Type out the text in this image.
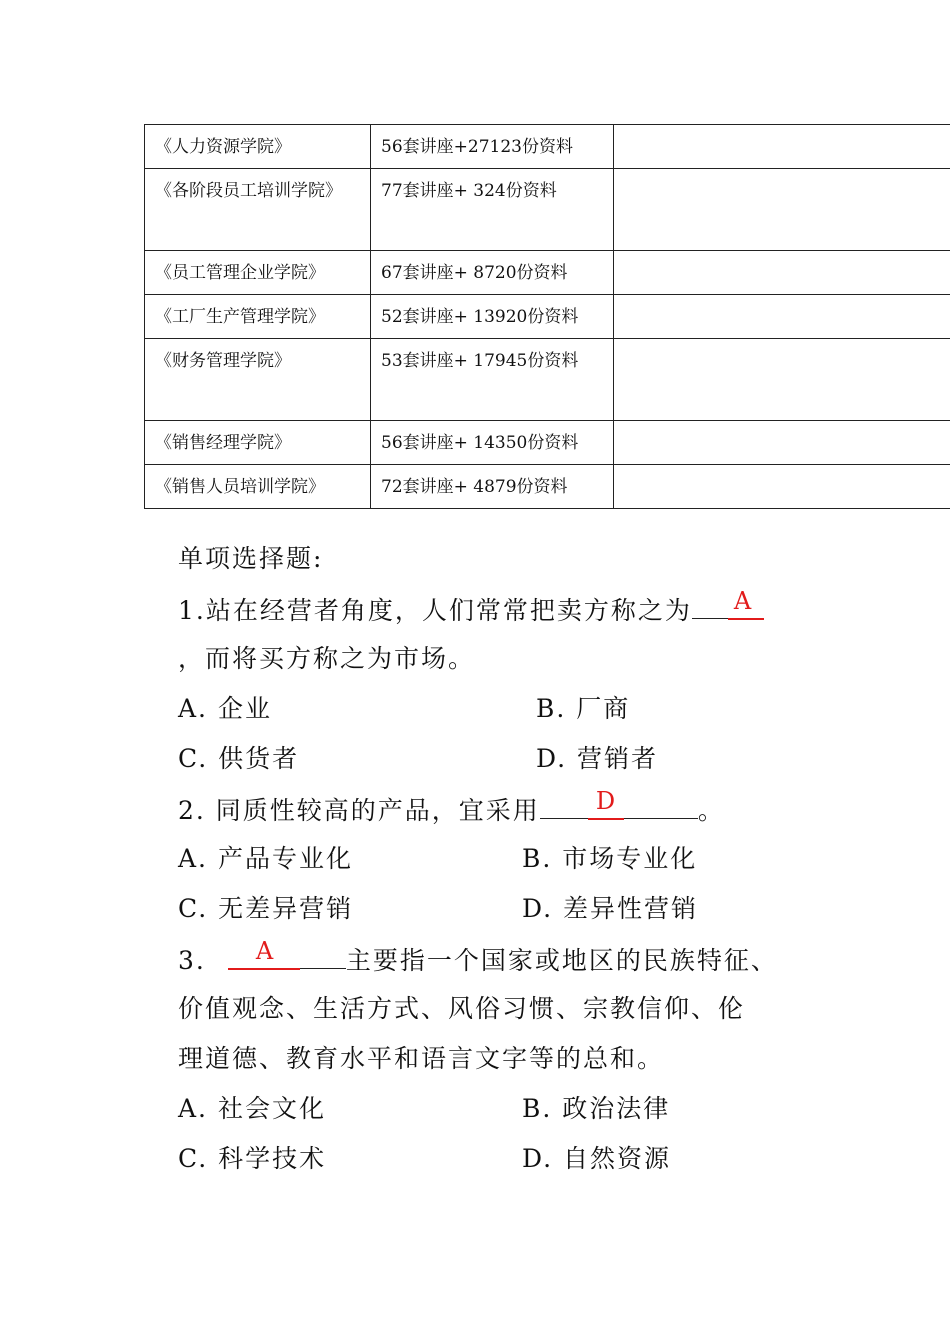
《人力资源学院》	56套讲座+27123份资料	
《各阶段员工培训学院》	77套讲座+ 324份资料	
《员工管理企业学院》	67套讲座+ 8720份资料	
《工厂生产管理学院》	52套讲座+ 13920份资料	
《财务管理学院》	53套讲座+ 17945份资料	
《销售经理学院》	56套讲座+ 14350份资料	
《销售人员培训学院》	72套讲座+ 4879份资料	
单项选择题:
1.站在经营者角度，人们常常把卖方称之为 A
，而将买方称之为市场。
A. 企业	B. 厂商
C. 供货者	D. 营销者
2. 同质性较高的产品，宜采用 D	。
A. 产品专业化	B. 市场专业化
C. 无差异营销	D. 差异性营销
3. A	主要指一个国家或地区的民族特征、
价值观念、生活方式、风俗习惯、宗教信仰、伦
理道德、教育水平和语言文字等的总和。
A. 社会文化	B. 政治法律
C. 科学技术	D. 自然资源
